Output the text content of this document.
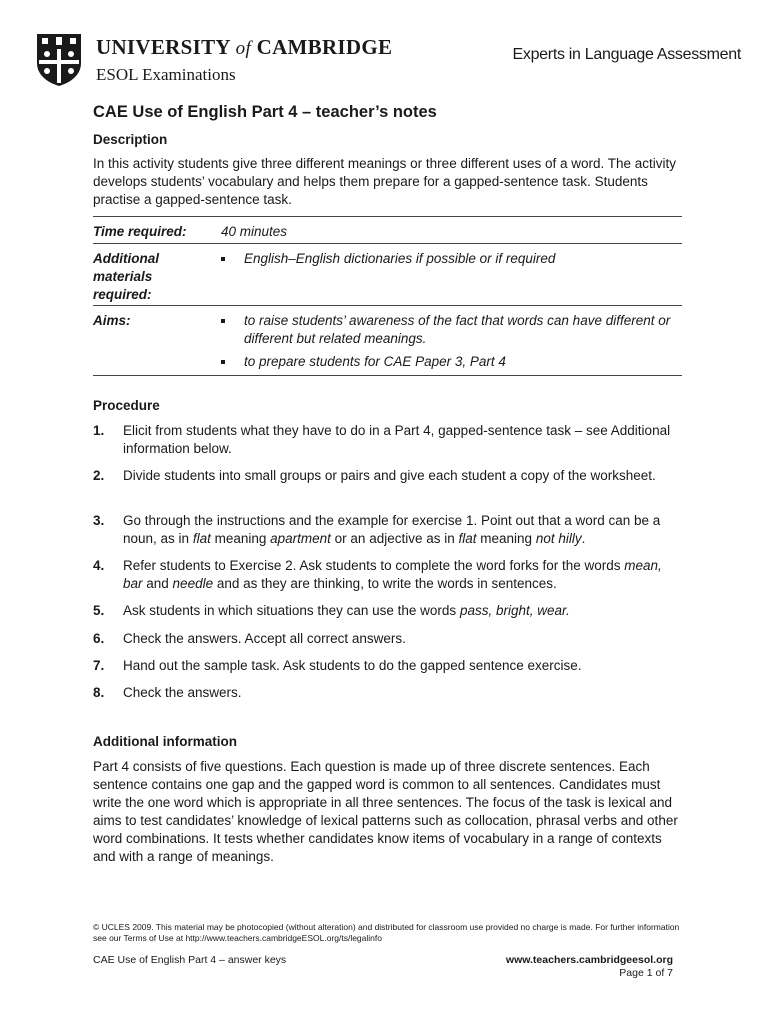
UNIVERSITY of CAMBRIDGE
ESOL Examinations
Experts in Language Assessment
CAE Use of English Part 4 – teacher’s notes
Description
In this activity students give three different meanings or three different uses of a word. The activity develops students’ vocabulary and helps them prepare for a gapped-sentence task. Students practise a gapped-sentence task.
Time required:	40 minutes
Additional materials required:
English–English dictionaries if possible or if required
Aims:	to raise students’ awareness of the fact that words can have different or different but related meanings.
to prepare students for CAE Paper 3, Part 4
Procedure
1.	Elicit from students what they have to do in a Part 4, gapped-sentence task – see Additional information below.
2.	Divide students into small groups or pairs and give each student a copy of the worksheet.
3.	Go through the instructions and the example for exercise 1. Point out that a word can be a noun, as in flat meaning apartment or an adjective as in flat meaning not hilly.
4.	Refer students to Exercise 2. Ask students to complete the word forks for the words mean, bar and needle and as they are thinking, to write the words in sentences.
5.	Ask students in which situations they can use the words pass, bright, wear.
6.	Check the answers. Accept all correct answers.
7.	Hand out the sample task. Ask students to do the gapped sentence exercise.
8.	Check the answers.
Additional information
Part 4 consists of five questions. Each question is made up of three discrete sentences. Each sentence contains one gap and the gapped word is common to all sentences. Candidates must write the one word which is appropriate in all three sentences. The focus of the task is lexical and aims to test candidates’ knowledge of lexical patterns such as collocation, phrasal verbs and other word combinations. It tests whether candidates know items of vocabulary in a range of contexts and with a range of meanings.
© UCLES 2009. This material may be photocopied (without alteration) and distributed for classroom use provided no charge is made. For further information see our Terms of Use at http://www.teachers.cambridgeESOL.org/ts/legalinfo
CAE Use of English Part 4 – answer keys	www.teachers.cambridgeesol.org
Page 1 of 7
